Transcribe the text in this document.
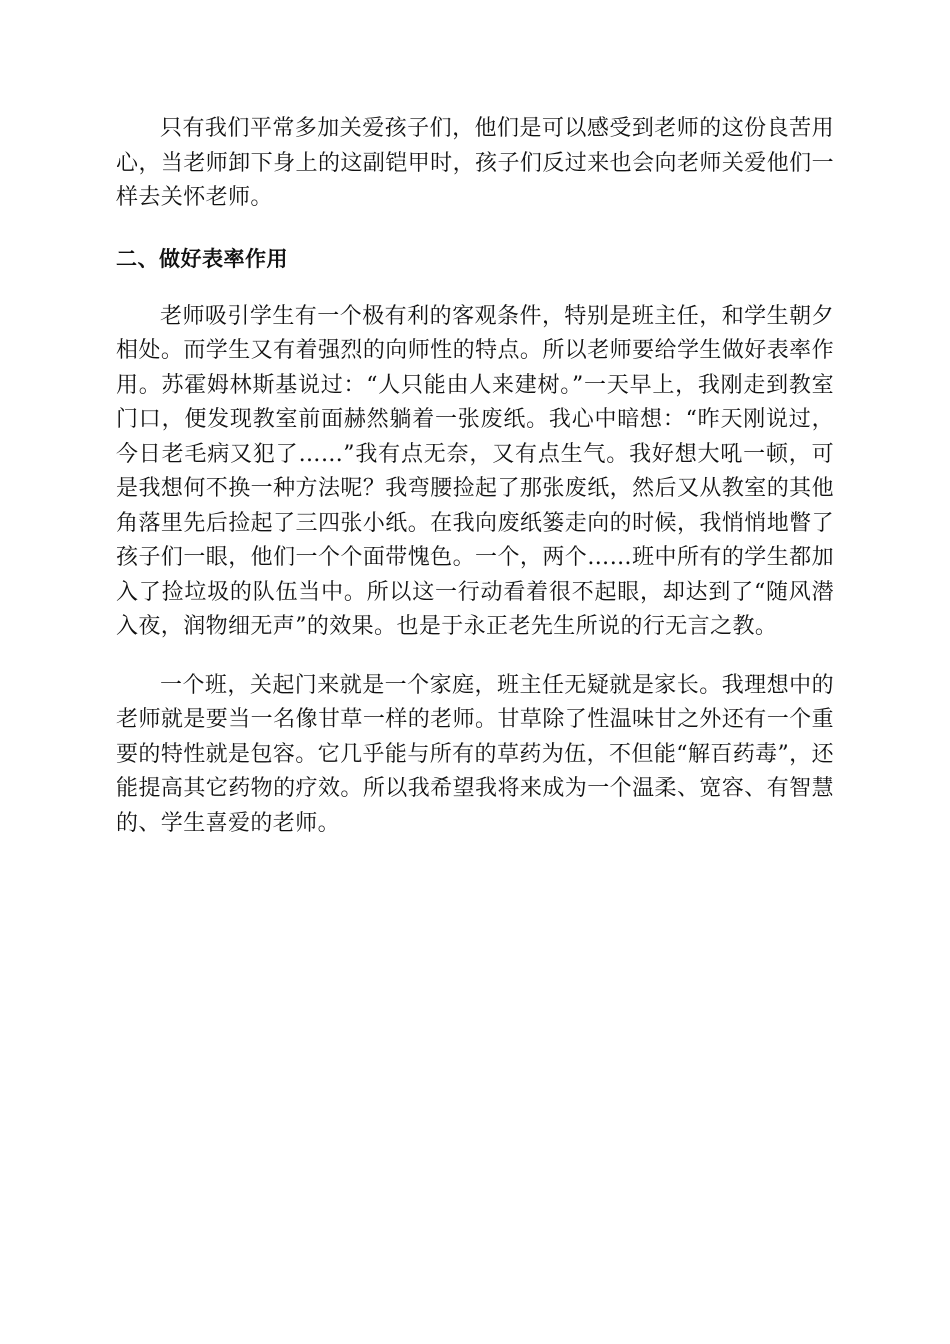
只有我们平常多加关爱孩子们，他们是可以感受到老师的这份良苦用心，当老师卸下身上的这副铠甲时，孩子们反过来也会向老师关爱他们一样去关怀老师。

二、做好表率作用

老师吸引学生有一个极有利的客观条件，特别是班主任，和学生朝夕相处。而学生又有着强烈的向师性的特点。所以老师要给学生做好表率作用。苏霍姆林斯基说过：“人只能由人来建树。”一天早上，我刚走到教室门口，便发现教室前面赫然躺着一张废纸。我心中暗想：“昨天刚说过，今日老毛病又犯了……”我有点无奈，又有点生气。我好想大吼一顿，可是我想何不换一种方法呢？我弯腰捡起了那张废纸，然后又从教室的其他角落里先后捡起了三四张小纸。在我向废纸篓走向的时候，我悄悄地瞥了孩子们一眼，他们一个个面带愧色。一个，两个……班中所有的学生都加入了捡垃圾的队伍当中。所以这一行动看着很不起眼，却达到了“随风潜入夜，润物细无声”的效果。也是于永正老先生所说的行无言之教。

一个班，关起门来就是一个家庭，班主任无疑就是家长。我理想中的老师就是要当一名像甘草一样的老师。甘草除了性温味甘之外还有一个重要的特性就是包容。它几乎能与所有的草药为伍，不但能“解百药毒”，还能提高其它药物的疗效。所以我希望我将来成为一个温柔、宽容、有智慧的、学生喜爱的老师。
